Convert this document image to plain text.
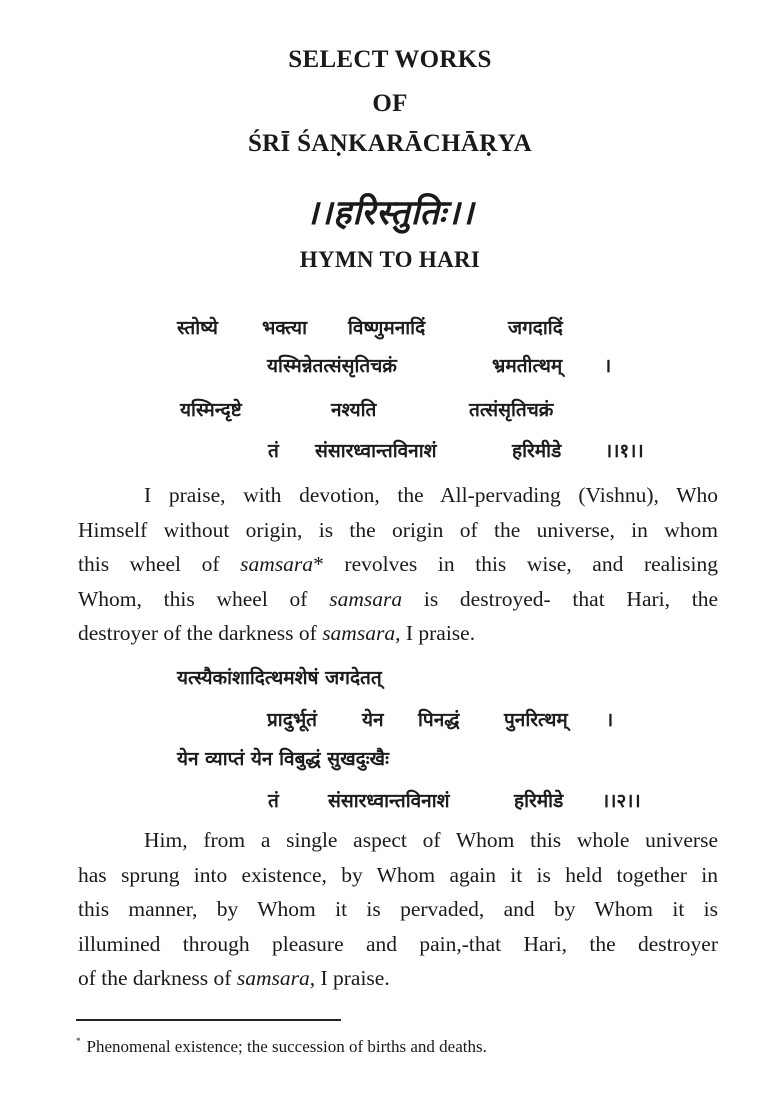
SELECT WORKS
OF
ŚRĪ ŚAṆKARĀCHĀṚYA
।।हरिस्तुतिः।।
HYMN TO HARI
स्तोष्ये भक्त्या विष्णुमनादिं	जगदादिं
यस्मिन्नेतत्संसृतिचक्रं	भ्रमतीत्थम् ।
यस्मिन्दृष्टे	नश्यति	तत्संसृतिचक्रं
तं संसारध्वान्तविनाशं	हरिमीडे ।।१।।
I praise, with devotion, the All-pervading (Vishnu), Who
Himself without origin, is the origin of the universe, in whom
this wheel of samsara* revolves in this wise, and realising
Whom, this wheel of samsara is destroyed- that Hari, the
destroyer of the darkness of samsara, I praise.
यत्स्यैकांशादित्थमशेषं जगदेतत्
प्रादुर्भूतं येन पिनद्धं पुनरित्थम् ।
येन व्याप्तं येन विबुद्धं सुखदुःखैः
तं	संसारध्वान्तविनाशं	हरिमीडे ।।२।।
Him, from a single aspect of Whom this whole universe
has sprung into existence, by Whom again it is held together in
this manner, by Whom it is pervaded, and by Whom it is
illumined through pleasure and pain,-that Hari, the destroyer
of the darkness of samsara, I praise.
* Phenomenal existence; the succession of births and deaths.
